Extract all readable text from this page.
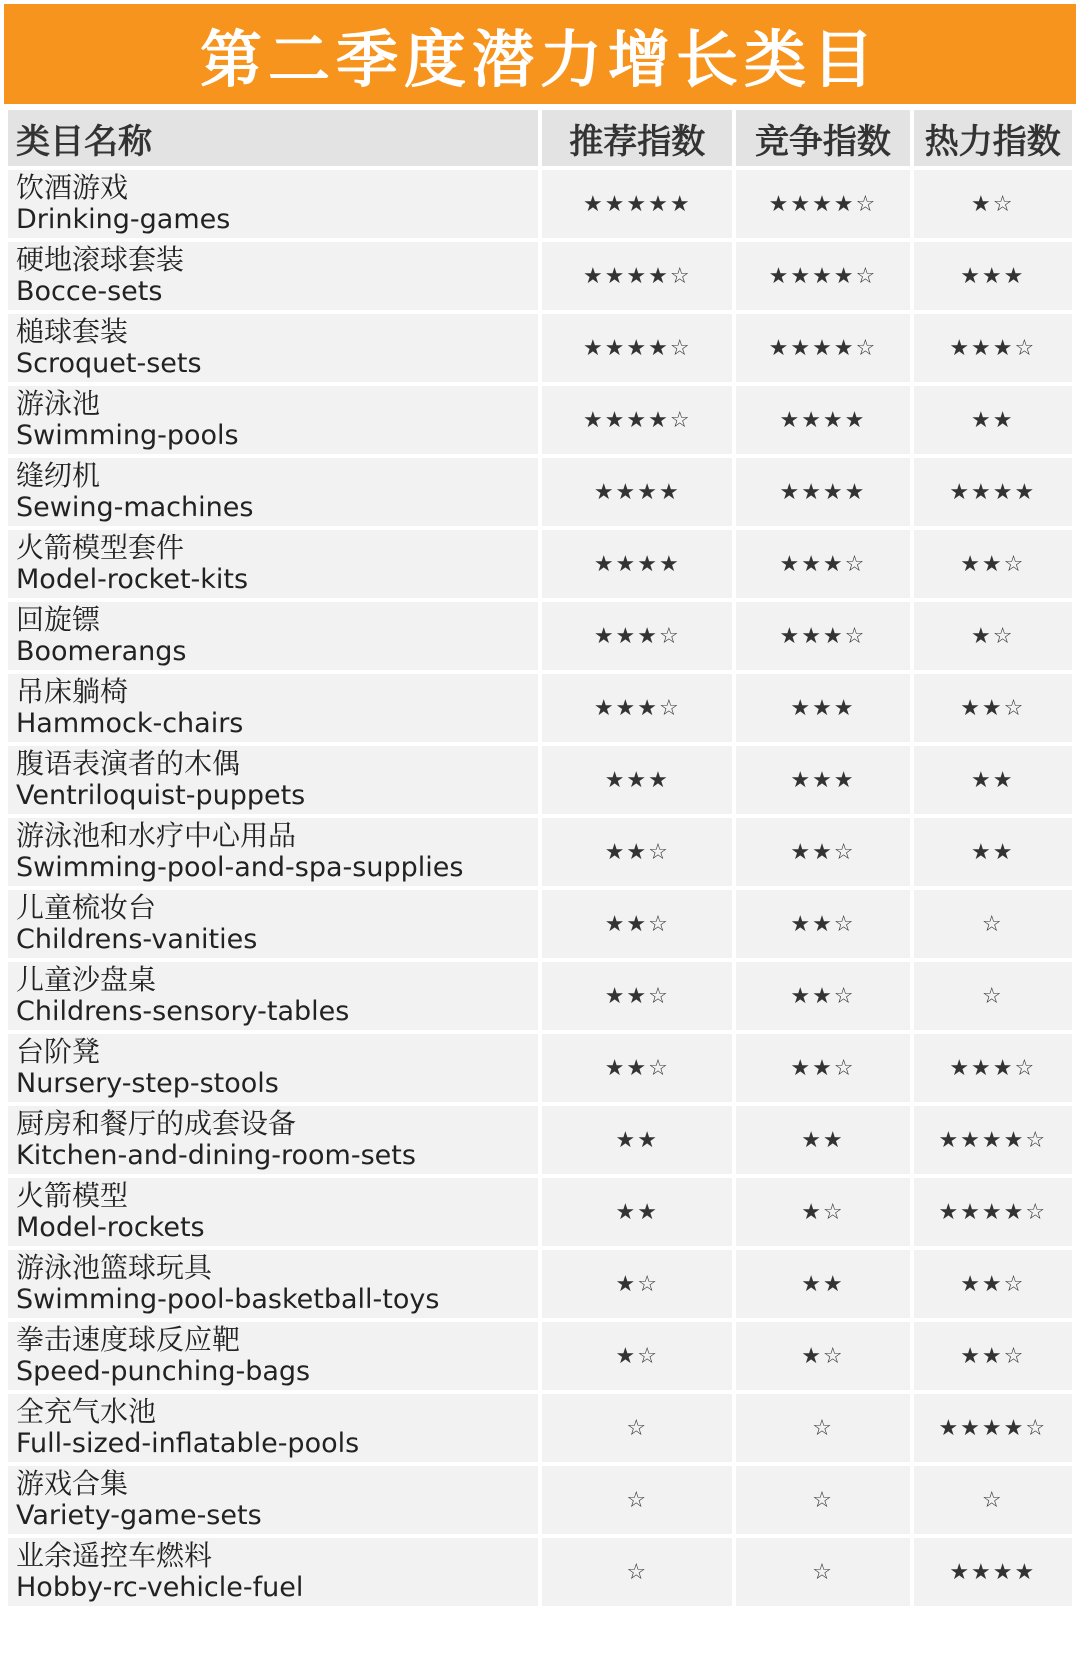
第二季度潜力增长类目
类目名称	推荐指数	竞争指数	热力指数

饮酒游戏
Drinking-games	★★★★★	★★★★☆	★☆

硬地滚球套装
Bocce-sets	★★★★☆	★★★★☆	★★★

槌球套装
Scroquet-sets	★★★★☆	★★★★☆	★★★☆

游泳池
Swimming-pools	★★★★☆	★★★★	★★

缝纫机
Sewing-machines	★★★★	★★★★	★★★★

火箭模型套件
Model-rocket-kits	★★★★	★★★☆	★★☆

回旋镖
Boomerangs	★★★☆	★★★☆	★☆

吊床躺椅
Hammock-chairs	★★★☆	★★★	★★☆

腹语表演者的木偶
Ventriloquist-puppets	★★★	★★★	★★

游泳池和水疗中心用品
Swimming-pool-and-spa-supplies	★★☆	★★☆	★★

儿童梳妆台
Childrens-vanities	★★☆	★★☆	☆

儿童沙盘桌
Childrens-sensory-tables	★★☆	★★☆	☆

台阶凳
Nursery-step-stools	★★☆	★★☆	★★★☆

厨房和餐厅的成套设备
Kitchen-and-dining-room-sets	★★	★★	★★★★☆

火箭模型
Model-rockets	★★	★☆	★★★★☆

游泳池篮球玩具
Swimming-pool-basketball-toys	★☆	★★	★★☆

拳击速度球反应靶
Speed-punching-bags	★☆	★☆	★★☆

全充气水池
Full-sized-inflatable-pools	☆	☆	★★★★☆

游戏合集
Variety-game-sets	☆	☆	☆

业余遥控车燃料
Hobby-rc-vehicle-fuel	☆	☆	★★★★
